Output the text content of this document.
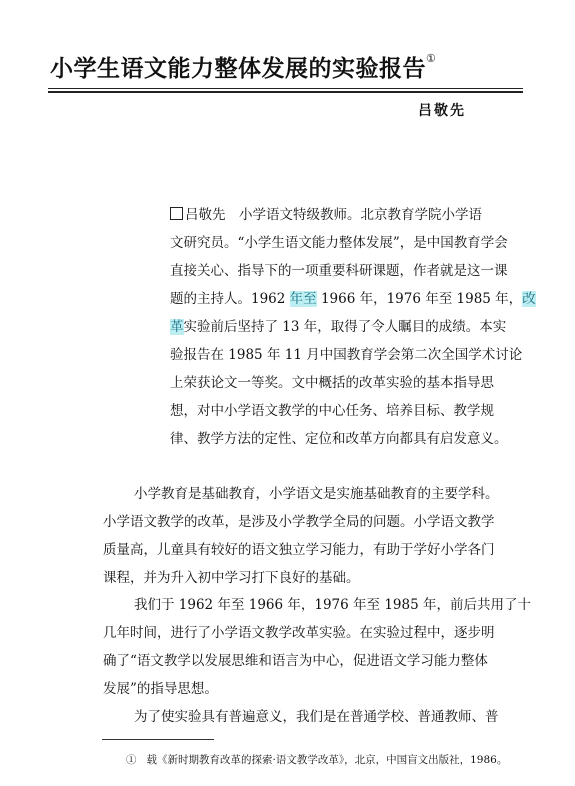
小学生语文能力整体发展的实验报告①
吕敬先
吕敬先　小学语文特级教师。北京教育学院小学语
文研究员。“小学生语文能力整体发展”，是中国教育学会
直接关心、指导下的一项重要科研课题，作者就是这一课
题的主持人。1962 年至 1966 年，1976 年至 1985 年，改
革实验前后坚持了 13 年，取得了令人瞩目的成绩。本实
验报告在 1985 年 11 月中国教育学会第二次全国学术讨论
上荣获论文一等奖。文中概括的改革实验的基本指导思
想，对中小学语文教学的中心任务、培养目标、教学规
律、教学方法的定性、定位和改革方向都具有启发意义。
小学教育是基础教育，小学语文是实施基础教育的主要学科。
小学语文教学的改革，是涉及小学教学全局的问题。小学语文教学
质量高，儿童具有较好的语文独立学习能力，有助于学好小学各门
课程，并为升入初中学习打下良好的基础。
我们于 1962 年至 1966 年，1976 年至 1985 年，前后共用了十
几年时间，进行了小学语文教学改革实验。在实验过程中，逐步明
确了“语文教学以发展思维和语言为中心，促进语文学习能力整体
发展”的指导思想。
为了使实验具有普遍意义，我们是在普通学校、普通教师、普
① 载《新时期教育改革的探索·语文教学改革》，北京，中国盲文出版社，1986。
